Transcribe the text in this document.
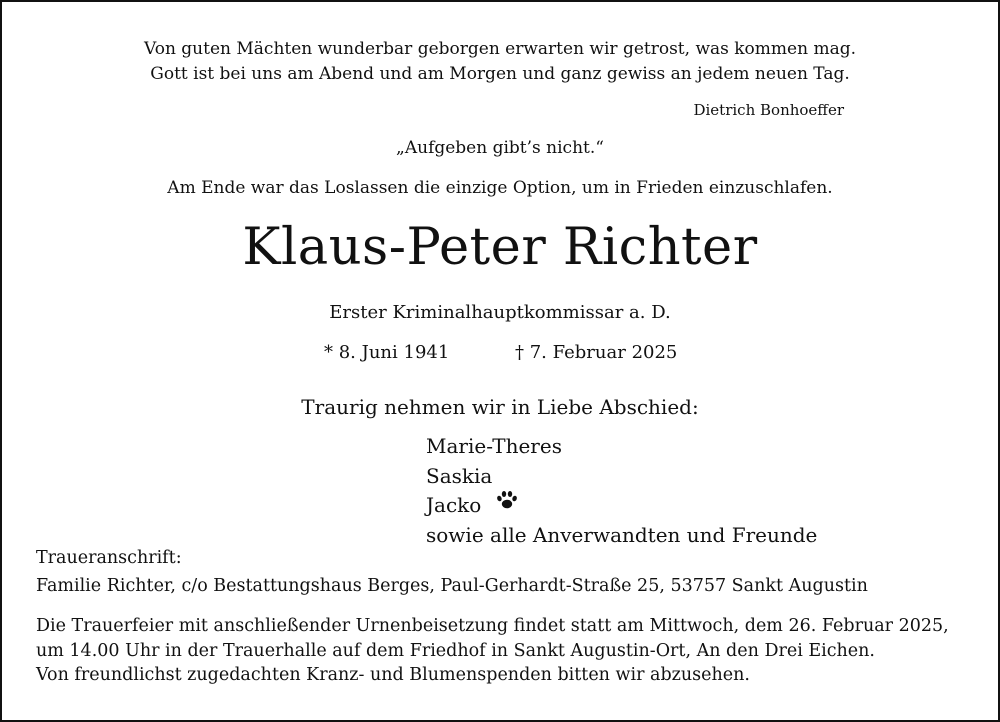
Von guten Mächten wunderbar geborgen erwarten wir getrost, was kommen mag.
Gott ist bei uns am Abend und am Morgen und ganz gewiss an jedem neuen Tag.
Dietrich Bonhoeffer
„Aufgeben gibt’s nicht.“
Am Ende war das Loslassen die einzige Option, um in Frieden einzuschlafen.
Klaus-Peter Richter
Erster Kriminalhauptkommissar a. D.
* 8. Juni 1941	† 7. Februar 2025
Traurig nehmen wir in Liebe Abschied:
Marie-Theres
Saskia
Jacko
sowie alle Anverwandten und Freunde
Traueranschrift:
Familie Richter, c/o Bestattungshaus Berges, Paul-Gerhardt-Straße 25, 53757 Sankt Augustin
Die Trauerfeier mit anschließender Urnenbeisetzung findet statt am Mittwoch, dem 26. Februar 2025,
um 14.00 Uhr in der Trauerhalle auf dem Friedhof in Sankt Augustin-Ort, An den Drei Eichen.
Von freundlichst zugedachten Kranz- und Blumenspenden bitten wir abzusehen.
